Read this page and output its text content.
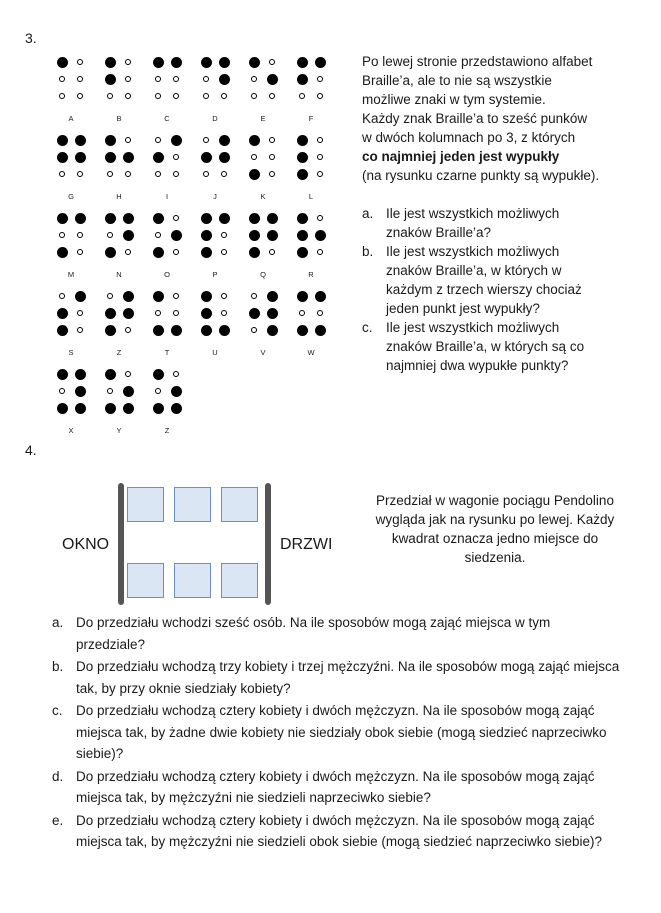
3.
A	B	C	D	E	F
G	H	I	J	K	L
M	N	O	P	Q	R
S	Z	T	U	V	W
X	Y	Z

Po lewej stronie przedstawiono alfabet

Braille’a, ale to nie są wszystkie

możliwe znaki w tym systemie.

Każdy znak Braille’a to sześć punków

w dwóch kolumnach po 3, z których

co najmniej jeden jest wypukły

(na rysunku czarne punkty są wypukłe).

a. Ile jest wszystkich możliwych znaków Braille’a?
b. Ile jest wszystkich możliwych znaków Braille’a, w których w każdym z trzech wierszy chociaż jeden punkt jest wypukły?
c. Ile jest wszystkich możliwych znaków Braille’a, w których są co najmniej dwa wypukłe punkty?
4.
OKNO	DRZWI
Przedział w wagonie pociągu Pendolino wygląda jak na rysunku po lewej. Każdy kwadrat oznacza jedno miejsce do siedzenia.
a. Do przedziału wchodzi sześć osób. Na ile sposobów mogą zająć miejsca w tym przedziale?
b. Do przedziału wchodzą trzy kobiety i trzej mężczyźni. Na ile sposobów mogą zająć miejsca tak, by przy oknie siedziały kobiety?
c. Do przedziału wchodzą cztery kobiety i dwóch mężczyzn. Na ile sposobów mogą zająć miejsca tak, by żadne dwie kobiety nie siedziały obok siebie (mogą siedzieć naprzeciwko siebie)?
d. Do przedziału wchodzą cztery kobiety i dwóch mężczyzn. Na ile sposobów mogą zająć miejsca tak, by mężczyźni nie siedzieli naprzeciwko siebie?
e. Do przedziału wchodzą cztery kobiety i dwóch mężczyzn. Na ile sposobów mogą zająć miejsca tak, by mężczyźni nie siedzieli obok siebie (mogą siedzieć naprzeciwko siebie)?
